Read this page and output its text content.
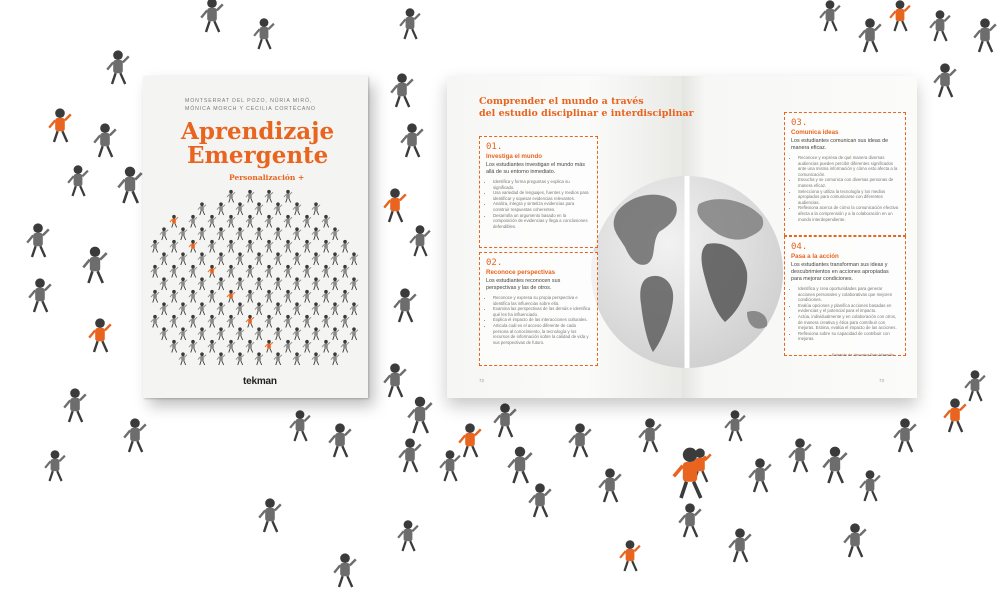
MONTSERRAT DEL POZO, NÚRIA MIRÓ,
MÓNICA MORCH Y CECILIA CORTÉCANO
Aprendizaje
Emergente
Personalización +
tekman
Comprender el mundo a través
del estudio disciplinar e interdisciplinar
01.
Investiga el mundo
Los estudiantes investigan el mundo más allá de su entorno inmediato.
• Identifica y forma preguntas y explica su significado.
• Usa variedad de lenguajes, fuentes y medios para identificar y sopesar evidencias relevantes.
• Analiza, integra y sintetiza evidencias para construir respuestas coherentes.
• Desarrolla un argumento basado en la composición de evidencias y llega a conclusiones defendibles.
02.
Reconoce perspectivas
Los estudiantes reconocen sus perspectivas y las de otros.
• Reconoce y expresa su propia perspectiva e identifica las influencias sobre ella.
• Examina las perspectivas de las demás e identifica qué les ha influenciado.
• Explica el impacto de las interacciones culturales.
• Articula cuál es el acceso diferente de cada persona al conocimiento, la tecnología y los recursos de información sobre la calidad de vida y sus perspectivas de futuro.
03.
Comunica ideas
Los estudiantes comunican sus ideas de manera eficaz.
• Reconoce y expresa de qué manera diversas audiencias pueden percibir diferentes significados ante una misma información y cómo esto afecta a la comunicación.
• Escucha y se comunica con diversas personas de manera eficaz.
• Selecciona y utiliza la tecnología y los medios apropiados para comunicarse con diferentes audiencias.
• Reflexiona acerca de cómo la comunicación efectiva afecta a la comprensión y a la colaboración en un mundo interdependiente.
04.
Pasa a la acción
Los estudiantes transforman sus ideas y descubrimientos en acciones apropiadas para mejorar condiciones.
• Identifica y crea oportunidades para generar acciones personales y colaborativas que mejoren condiciones.
• Evalúa opciones y planifica acciones basadas en evidencias y el potencial para el impacto.
• Actúa, individualmente y en colaboración con otros, de manera creativa y ética para contribuir con mejoras. Estima, evalúa el impacto de las acciones.
• Reflexiona sobre su capacidad de contribuir con mejoras.
Extraído de Veronica Boix Mansilla
72	73
